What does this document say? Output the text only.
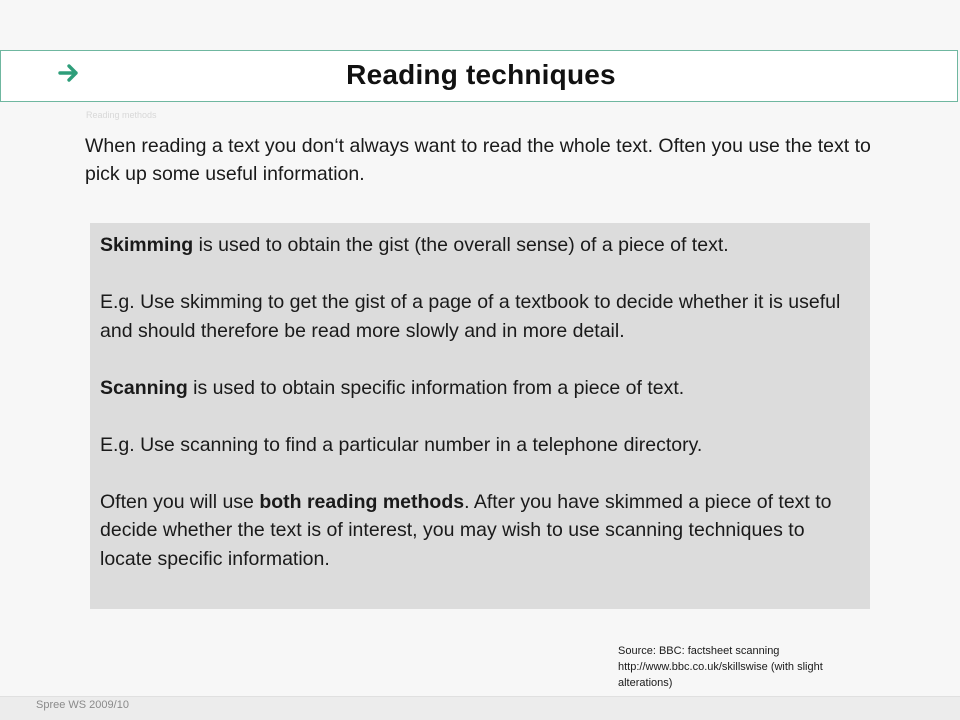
Reading techniques
Reading methods
When reading a text you don‘t always want to read the whole text. Often you use the text to pick up some useful information.

Skimming is used to obtain the gist (the overall sense) of a piece of text.

E.g. Use skimming to get the gist of a page of a textbook to decide whether it is useful and should therefore be read more slowly and in more detail.

Scanning is used to obtain specific information from a piece of text.

E.g. Use scanning to find a particular number in a telephone directory.

Often you will use both reading methods. After you have skimmed a piece of text to decide whether the text is of interest, you may wish to use scanning techniques to locate specific information.

Source: BBC: factsheet scanning
http://www.bbc.co.uk/skillswise (with slight
alterations)
Spree WS 2009/10
